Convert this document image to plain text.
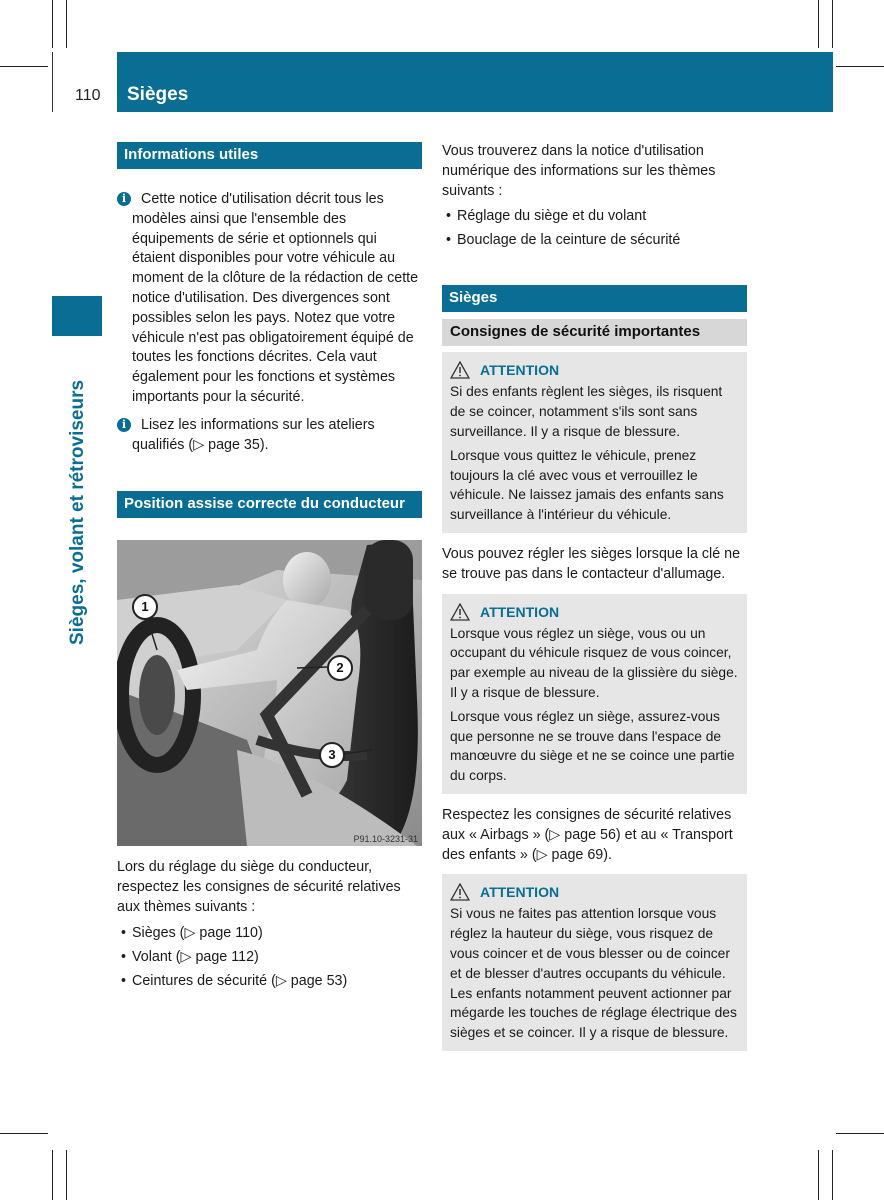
110 Sièges
Sièges, volant et rétroviseurs
Informations utiles
i	Cette notice d'utilisation décrit tous les modèles ainsi que l'ensemble des équipements de série et optionnels qui étaient disponibles pour votre véhicule au moment de la clôture de la rédaction de cette notice d'utilisation. Des divergences sont possibles selon les pays. Notez que votre véhicule n'est pas obligatoirement équipé de toutes les fonctions décrites. Cela vaut également pour les fonctions et systèmes importants pour la sécurité.

i	Lisez les informations sur les ateliers qualifiés (▷ page 35).

Position assise correcte du conducteur
1
2
3
P91.10-3231-31

Lors du réglage du siège du conducteur, respectez les consignes de sécurité relatives aux thèmes suivants :

• Sièges (▷ page 110)
• Volant (▷ page 112)
• Ceintures de sécurité (▷ page 53)

Vous trouverez dans la notice d'utilisation numérique des informations sur les thèmes suivants :

• Réglage du siège et du volant
• Bouclage de la ceinture de sécurité
Sièges
Consignes de sécurité importantes
ATTENTION

Si des enfants règlent les sièges, ils risquent de se coincer, notamment s'ils sont sans surveillance. Il y a risque de blessure.

Lorsque vous quittez le véhicule, prenez toujours la clé avec vous et verrouillez le véhicule. Ne laissez jamais des enfants sans surveillance à l'intérieur du véhicule.

Vous pouvez régler les sièges lorsque la clé ne se trouve pas dans le contacteur d'allumage.

ATTENTION

Lorsque vous réglez un siège, vous ou un occupant du véhicule risquez de vous coincer, par exemple au niveau de la glissière du siège. Il y a risque de blessure.

Lorsque vous réglez un siège, assurez-vous que personne ne se trouve dans l'espace de manœuvre du siège et ne se coince une partie du corps.

Respectez les consignes de sécurité relatives aux « Airbags » (▷ page 56) et au « Transport des enfants » (▷ page 69).

ATTENTION

Si vous ne faites pas attention lorsque vous réglez la hauteur du siège, vous risquez de vous coincer et de vous blesser ou de coincer et de blesser d'autres occupants du véhicule. Les enfants notamment peuvent actionner par mégarde les touches de réglage électrique des sièges et se coincer. Il y a risque de blessure.
